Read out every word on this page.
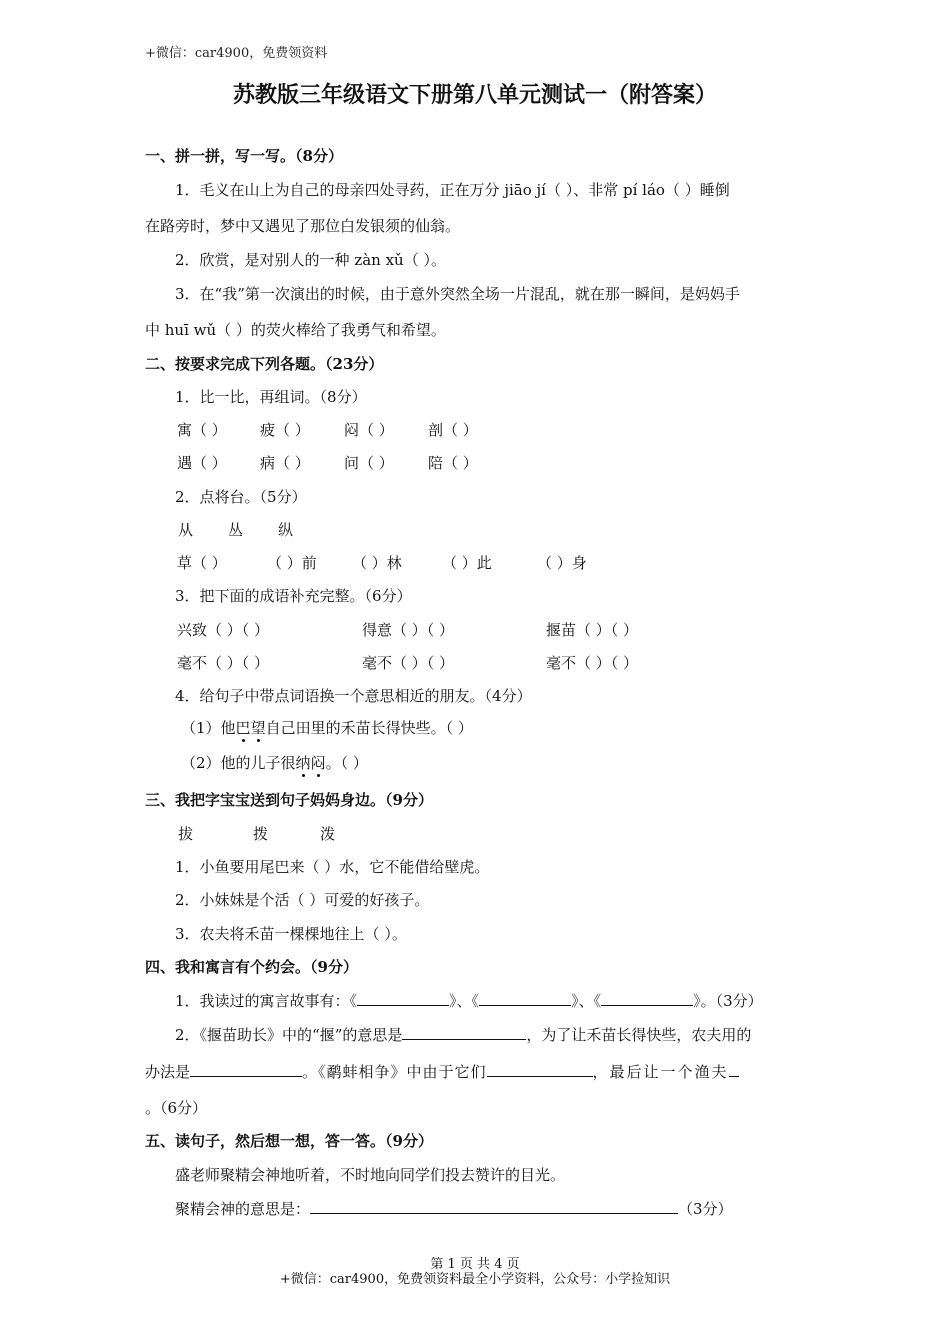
+微信：car4900，免费领资料
苏教版三年级语文下册第八单元测试一（附答案）
一、拼一拼，写一写。（8分）
1．毛义在山上为自己的母亲四处寻药，正在万分 jiāo jí（ ）、非常 pí láo（ ）睡倒
在路旁时，梦中又遇见了那位白发银须的仙翁。
2．欣赏，是对别人的一种 zàn xǔ（ ）。
3．在“我”第一次演出的时候，由于意外突然全场一片混乱，就在那一瞬间，是妈妈手
中 huī wǔ（ ）的荧火棒给了我勇气和希望。
二、按要求完成下列各题。（23分）
1．比一比，再组词。（8分）
寓（ ） 疲（ ） 闷（ ） 剖（ ）
遇（ ） 病（ ） 问（ ） 陪（ ）
2．点将台。（5分）
从 丛 纵
草（ ）	（ ）前 （ ）林	（ ）此	（ ）身
3．把下面的成语补充完整。（6分）
兴致（ ）（ ）	得意（ ）（ ）	揠苗（ ）（ ）
毫不（ ）（ ）	毫不（ ）（ ）	毫不（ ）（ ）
4．给句子中带点词语换一个意思相近的朋友。（4分）
（1）他巴望自己田里的禾苗长得快些。（ ）
（2）他的儿子很纳闷。（ ）
三、我把字宝宝送到句子妈妈身边。（9分）
拔	拨	泼
1．小鱼要用尾巴来（ ）水，它不能借给壁虎。
2．小妹妹是个活（ ）可爱的好孩子。
3．农夫将禾苗一棵棵地往上（ ）。
四、我和寓言有个约会。（9分）
1．我读过的寓言故事有：《	》、《	》、《	》。（3分）
2．《揠苗助长》中的“揠”的意思是	，为了让禾苗长得快些，农夫用的
办法是	。《鹬蚌相争》中由于它们	，最后让一个渔夫
。（6分）
五、读句子，然后想一想，答一答。（9分）
盛老师聚精会神地听着，不时地向同学们投去赞许的目光。
聚精会神的意思是：	（3分）
第 1 页 共 4 页
+微信：car4900，免费领资料最全小学资料，公众号：小学捡知识
